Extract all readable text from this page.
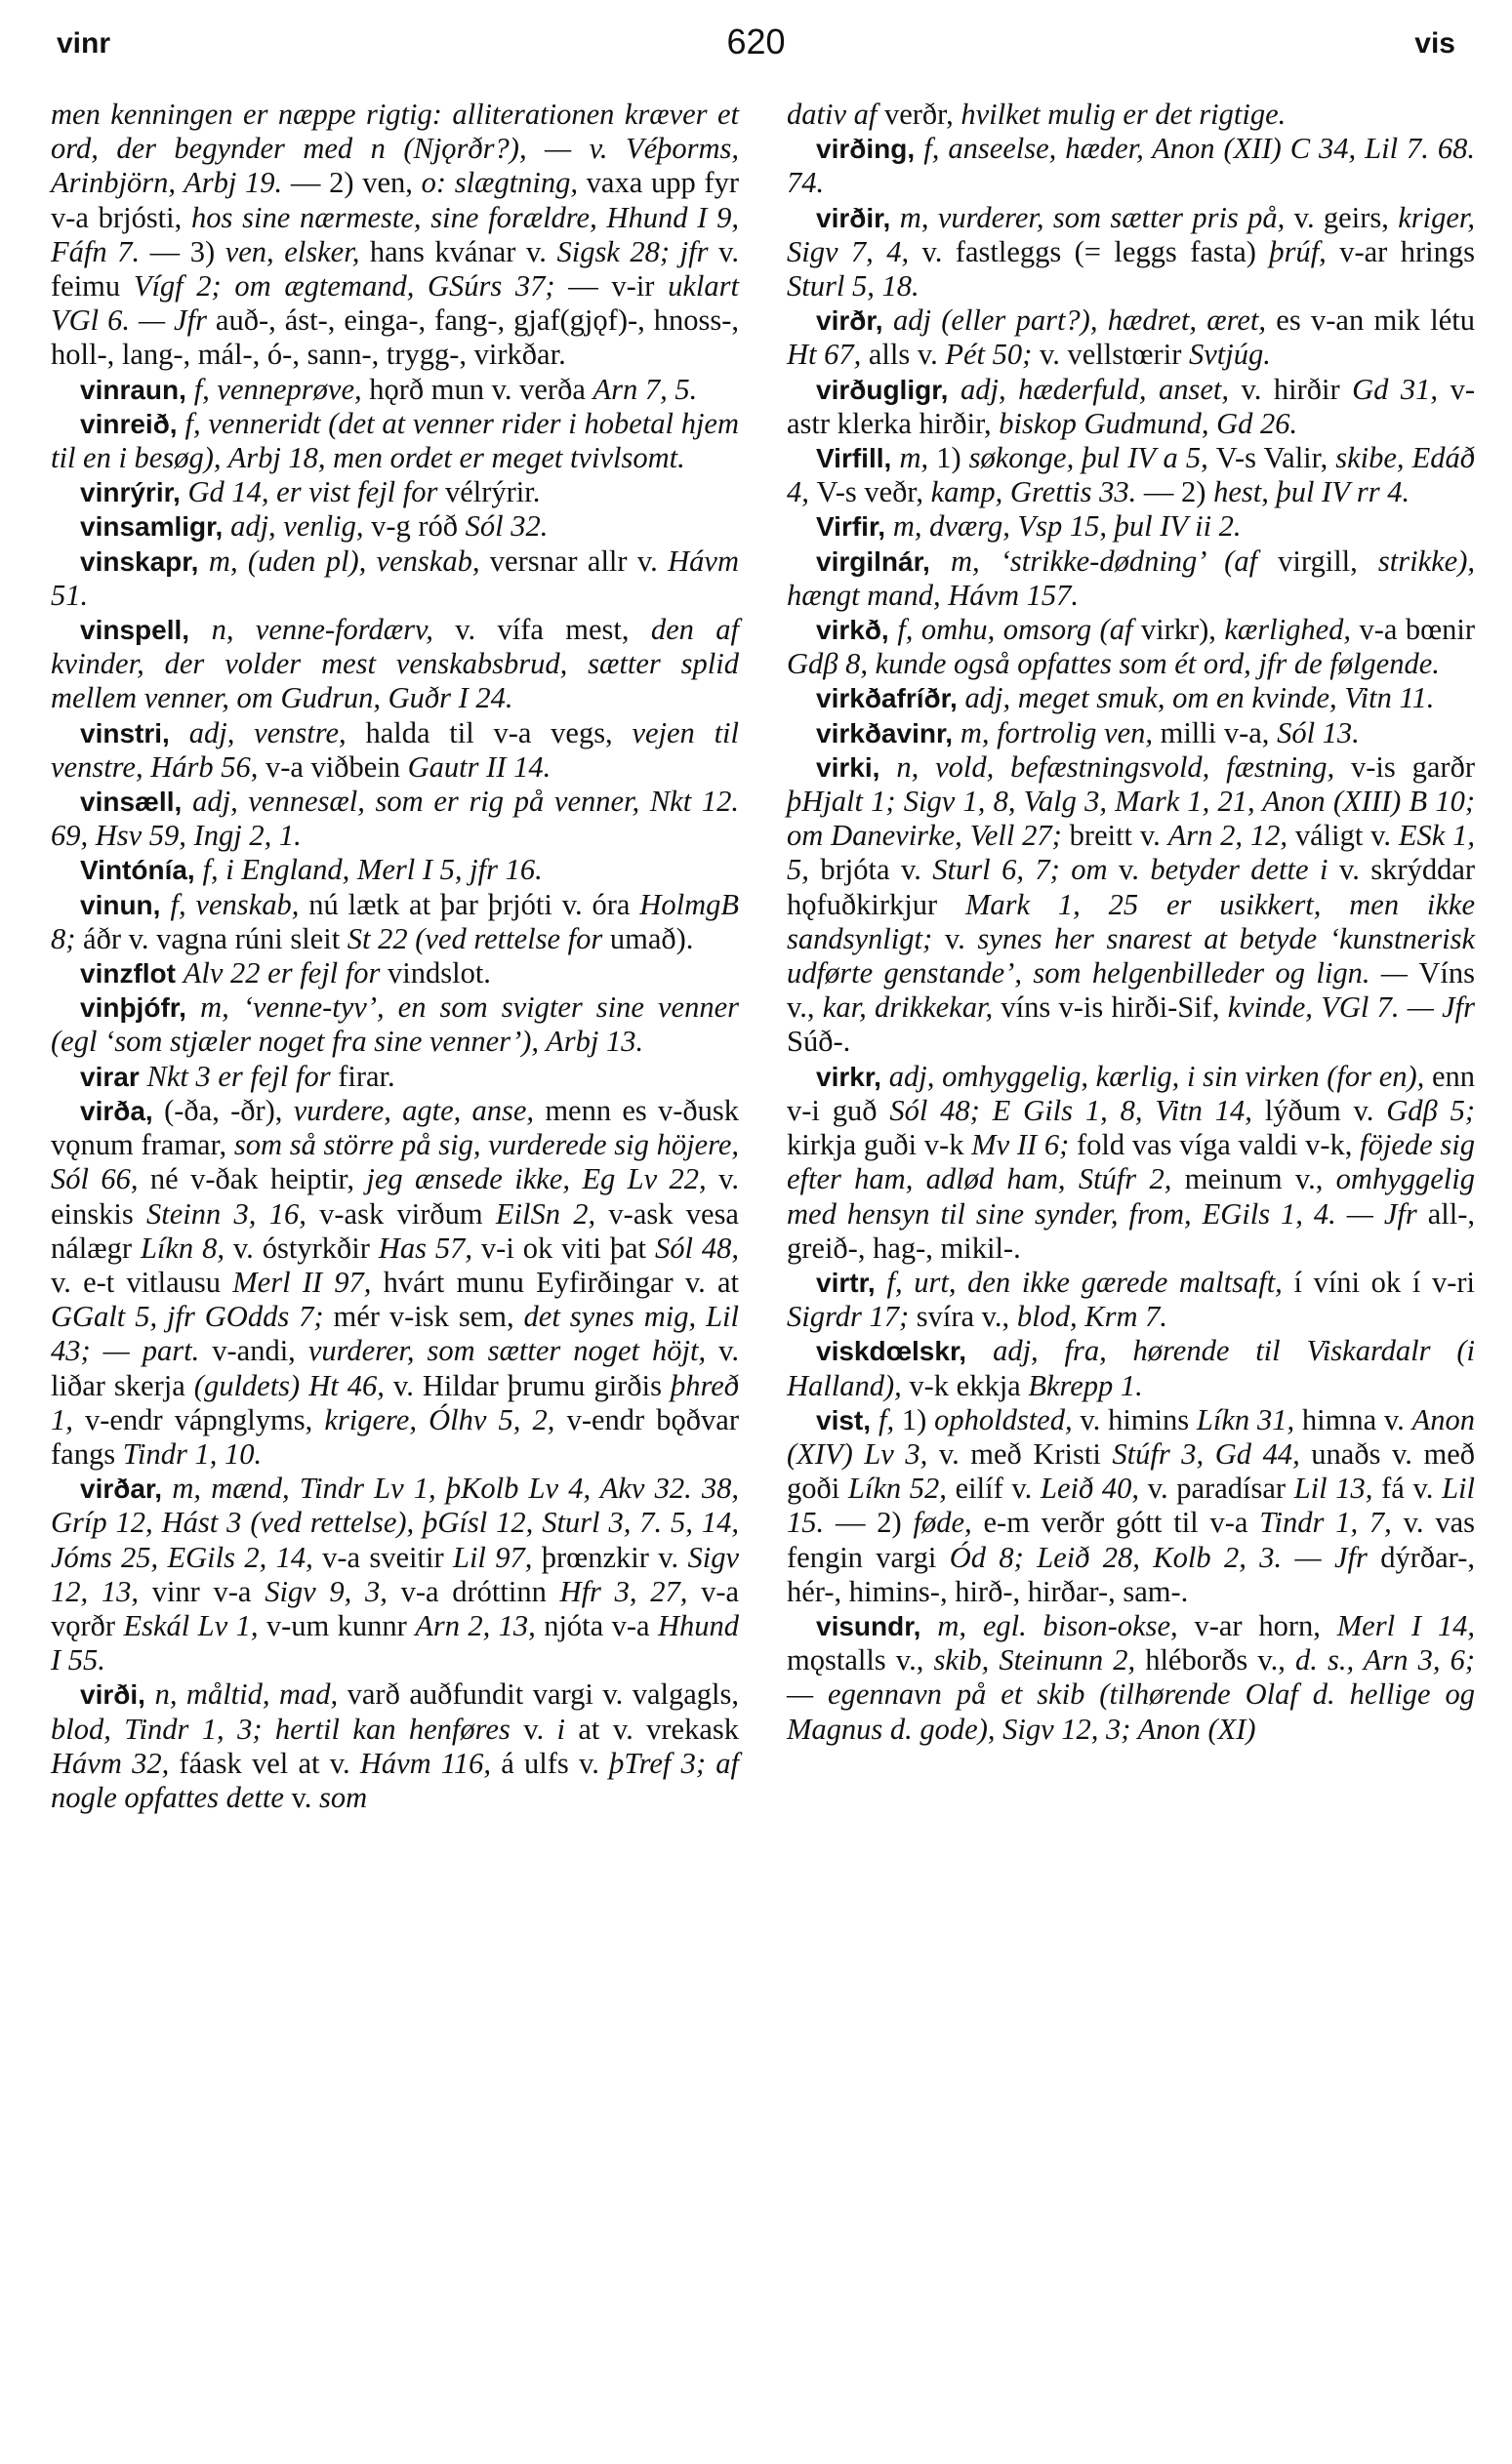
vinr	620	vis

men kenningen er næppe rigtig: alliterationen kræver et ord, der begynder med n (Njǫrðr?), — v. Véþorms, Arinbjörn, Arbj 19. — 2) ven, o: slægtning, vaxa upp fyr v-a brjósti, hos sine nærmeste, sine forældre, Hhund I 9, Fáfn 7. — 3) ven, elsker, hans kvánar v. Sigsk 28; jfr v. feimu Vígf 2; om ægtemand, GSúrs 37; — v-ir uklart VGl 6. — Jfr auð-, ást-, einga-, fang-, gjaf(gjǫf)-, hnoss-, holl-, lang-, mál-, ó-, sann-, trygg-, virkðar.

vinraun, f, venneprøve, hǫrð mun v. verða Arn 7, 5.

vinreið, f, venneridt (det at venner rider i hobetal hjem til en i besøg), Arbj 18, men ordet er meget tvivlsomt.

vinrýrir, Gd 14, er vist fejl for vélrýrir.

vinsamligr, adj, venlig, v-g róð Sól 32.

vinskapr, m, (uden pl), venskab, versnar allr v. Hávm 51.

vinspell, n, venne-fordærv, v. vífa mest, den af kvinder, der volder mest venskabsbrud, sætter splid mellem venner, om Gudrun, Guðr I 24.

vinstri, adj, venstre, halda til v-a vegs, vejen til venstre, Hárb 56, v-a viðbein Gautr II 14.

vinsæll, adj, vennesæl, som er rig på venner, Nkt 12. 69, Hsv 59, Ingj 2, 1.

Vintónía, f, i England, Merl I 5, jfr 16.

vinun, f, venskab, nú lætk at þar þrjóti v. óra HolmgB 8; áðr v. vagna rúni sleit St 22 (ved rettelse for umað).

vinzflot Alv 22 er fejl for vindslot.

vinþjófr, m, ‘venne-tyv’, en som svigter sine venner (egl ‘som stjæler noget fra sine venner’), Arbj 13.

virar Nkt 3 er fejl for firar.

virða, (-ða, -ðr), vurdere, agte, anse, menn es v-ðusk vǫnum framar, som så större på sig, vurderede sig höjere, Sól 66, né v-ðak heiptir, jeg ænsede ikke, Eg Lv 22, v. einskis Steinn 3, 16, v-ask virðum EilSn 2, v-ask vesa nálægr Líkn 8, v. óstyrkðir Has 57, v-i ok viti þat Sól 48, v. e-t vitlausu Merl II 97, hvárt munu Eyfirðingar v. at GGalt 5, jfr GOdds 7; mér v-isk sem, det synes mig, Lil 43; — part. v-andi, vurderer, som sætter noget höjt, v. liðar skerja (guldets) Ht 46, v. Hildar þrumu girðis þhreð 1, v-endr vápnglyms, krigere, Ólhv 5, 2, v-endr bǫðvar fangs Tindr 1, 10.

virðar, m, mænd, Tindr Lv 1, þKolb Lv 4, Akv 32. 38, Gríp 12, Hást 3 (ved rettelse), þGísl 12, Sturl 3, 7. 5, 14, Jóms 25, EGils 2, 14, v-a sveitir Lil 97, þrœnzkir v. Sigv 12, 13, vinr v-a Sigv 9, 3, v-a dróttinn Hfr 3, 27, v-a vǫrðr Eskál Lv 1, v-um kunnr Arn 2, 13, njóta v-a Hhund I 55.

virði, n, måltid, mad, varð auðfundit vargi v. valgagls, blod, Tindr 1, 3; hertil kan henføres v. i at v. vrekask Hávm 32, fáask vel at v. Hávm 116, á ulfs v. þTref 3; af nogle opfattes dette v. som

dativ af verðr, hvilket mulig er det rigtige.

virðing, f, anseelse, hæder, Anon (XII) C 34, Lil 7. 68. 74.

virðir, m, vurderer, som sætter pris på, v. geirs, kriger, Sigv 7, 4, v. fastleggs (= leggs fasta) þrúf, v-ar hrings Sturl 5, 18.

virðr, adj (eller part?), hædret, æret, es v-an mik létu Ht 67, alls v. Pét 50; v. vellstœrir Svtjúg.

virðugligr, adj, hæderfuld, anset, v. hirðir Gd 31, v-astr klerka hirðir, biskop Gudmund, Gd 26.

Virfill, m, 1) søkonge, þul IV a 5, V-s Valir, skibe, Edáð 4, V-s veðr, kamp, Grettis 33. — 2) hest, þul IV rr 4.

Virfir, m, dværg, Vsp 15, þul IV ii 2.

virgilnár, m, ‘strikke-dødning’ (af virgill, strikke), hængt mand, Hávm 157.

virkð, f, omhu, omsorg (af virkr), kærlighed, v-a bœnir Gdβ 8, kunde også opfattes som ét ord, jfr de følgende.

virkðafríðr, adj, meget smuk, om en kvinde, Vitn 11.

virkðavinr, m, fortrolig ven, milli v-a, Sól 13.

virki, n, vold, befæstningsvold, fæstning, v-is garðr þHjalt 1; Sigv 1, 8, Valg 3, Mark 1, 21, Anon (XIII) B 10; om Danevirke, Vell 27; breitt v. Arn 2, 12, váligt v. ESk 1, 5, brjóta v. Sturl 6, 7; om v. betyder dette i v. skrýddar hǫfuðkirkjur Mark 1, 25 er usikkert, men ikke sandsynligt; v. synes her snarest at betyde ‘kunstnerisk udførte genstande’, som helgenbilleder og lign. — Víns v., kar, drikkekar, víns v-is hirði-Sif, kvinde, VGl 7. — Jfr Súð-.

virkr, adj, omhyggelig, kærlig, i sin virken (for en), enn v-i guð Sól 48; E Gils 1, 8, Vitn 14, lýðum v. Gdβ 5; kirkja guði v-k Mv II 6; fold vas víga valdi v-k, föjede sig efter ham, adlød ham, Stúfr 2, meinum v., omhyggelig med hensyn til sine synder, from, EGils 1, 4. — Jfr all-, greið-, hag-, mikil-.

virtr, f, urt, den ikke gærede maltsaft, í víni ok í v-ri Sigrdr 17; svíra v., blod, Krm 7.

viskdœlskr, adj, fra, hørende til Viskardalr (i Halland), v-k ekkja Bkrepp 1.

vist, f, 1) opholdsted, v. himins Líkn 31, himna v. Anon (XIV) Lv 3, v. með Kristi Stúfr 3, Gd 44, unaðs v. með goði Líkn 52, eilíf v. Leið 40, v. paradísar Lil 13, fá v. Lil 15. — 2) føde, e-m verðr gótt til v-a Tindr 1, 7, v. vas fengin vargi Ód 8; Leið 28, Kolb 2, 3. — Jfr dýrðar-, hér-, himins-, hirð-, hirðar-, sam-.

visundr, m, egl. bison-okse, v-ar horn, Merl I 14, mǫstalls v., skib, Steinunn 2, hléborðs v., d. s., Arn 3, 6; — egennavn på et skib (tilhørende Olaf d. hellige og Magnus d. gode), Sigv 12, 3; Anon (XI)
